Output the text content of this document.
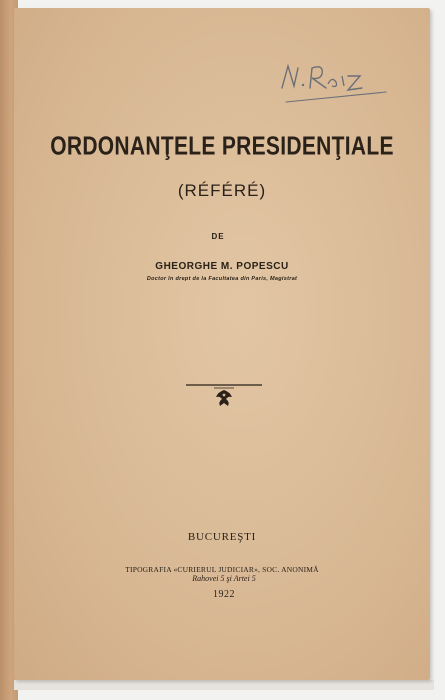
ORDONANŢELE PRESIDENŢIALE
(RÉFÉRÉ)
DE
GHEORGHE M. POPESCU
Doctor în drept de la Facultatea din Paris, Magistrat
BUCUREŞTI
TIPOGRAFIA «CURIERUL JUDICIAR», SOC. ANONIMĂ
Rahovei 5 şi Artei 5
1922
